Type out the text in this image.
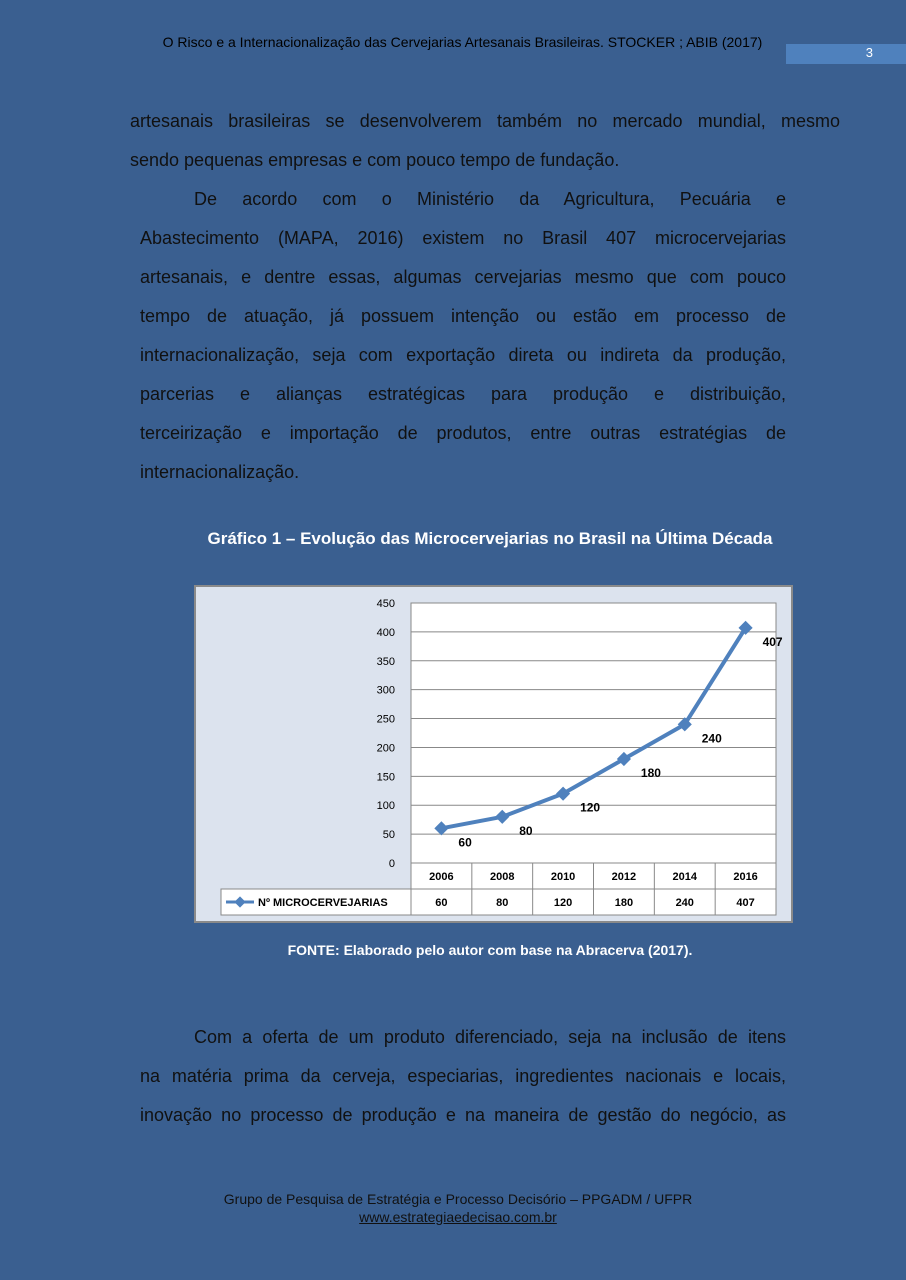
O Risco e a Internacionalização das Cervejarias Artesanais Brasileiras. STOCKER ; ABIB (2017)
3
artesanais brasileiras se desenvolverem também no mercado mundial, mesmo
sendo pequenas empresas e com pouco tempo de fundação.
De acordo com o Ministério da Agricultura, Pecuária e
Abastecimento (MAPA, 2016) existem no Brasil 407 microcervejarias
artesanais, e dentre essas, algumas cervejarias mesmo que com pouco
tempo de atuação, já possuem intenção ou estão em processo de
internacionalização, seja com exportação direta ou indireta da produção,
parcerias e alianças estratégicas para produção e distribuição,
terceirização e importação de produtos, entre outras estratégias de
internacionalização.
Gráfico 1 – Evolução das Microcervejarias no Brasil na Última Década
0
50
100
150
200
250
300
350
400
450
2006
60
2008
80
2010
120
2012
180
2014
240
2016
407
Nº MICROCERVEJARIAS
60
80
120
180
240
407
FONTE: Elaborado pelo autor com base na Abracerva (2017).
Com a oferta de um produto diferenciado, seja na inclusão de itens
na matéria prima da cerveja, especiarias, ingredientes nacionais e locais,
inovação no processo de produção e na maneira de gestão do negócio, as
Grupo de Pesquisa de Estratégia e Processo Decisório – PPGADM / UFPR
www.estrategiaedecisao.com.br
